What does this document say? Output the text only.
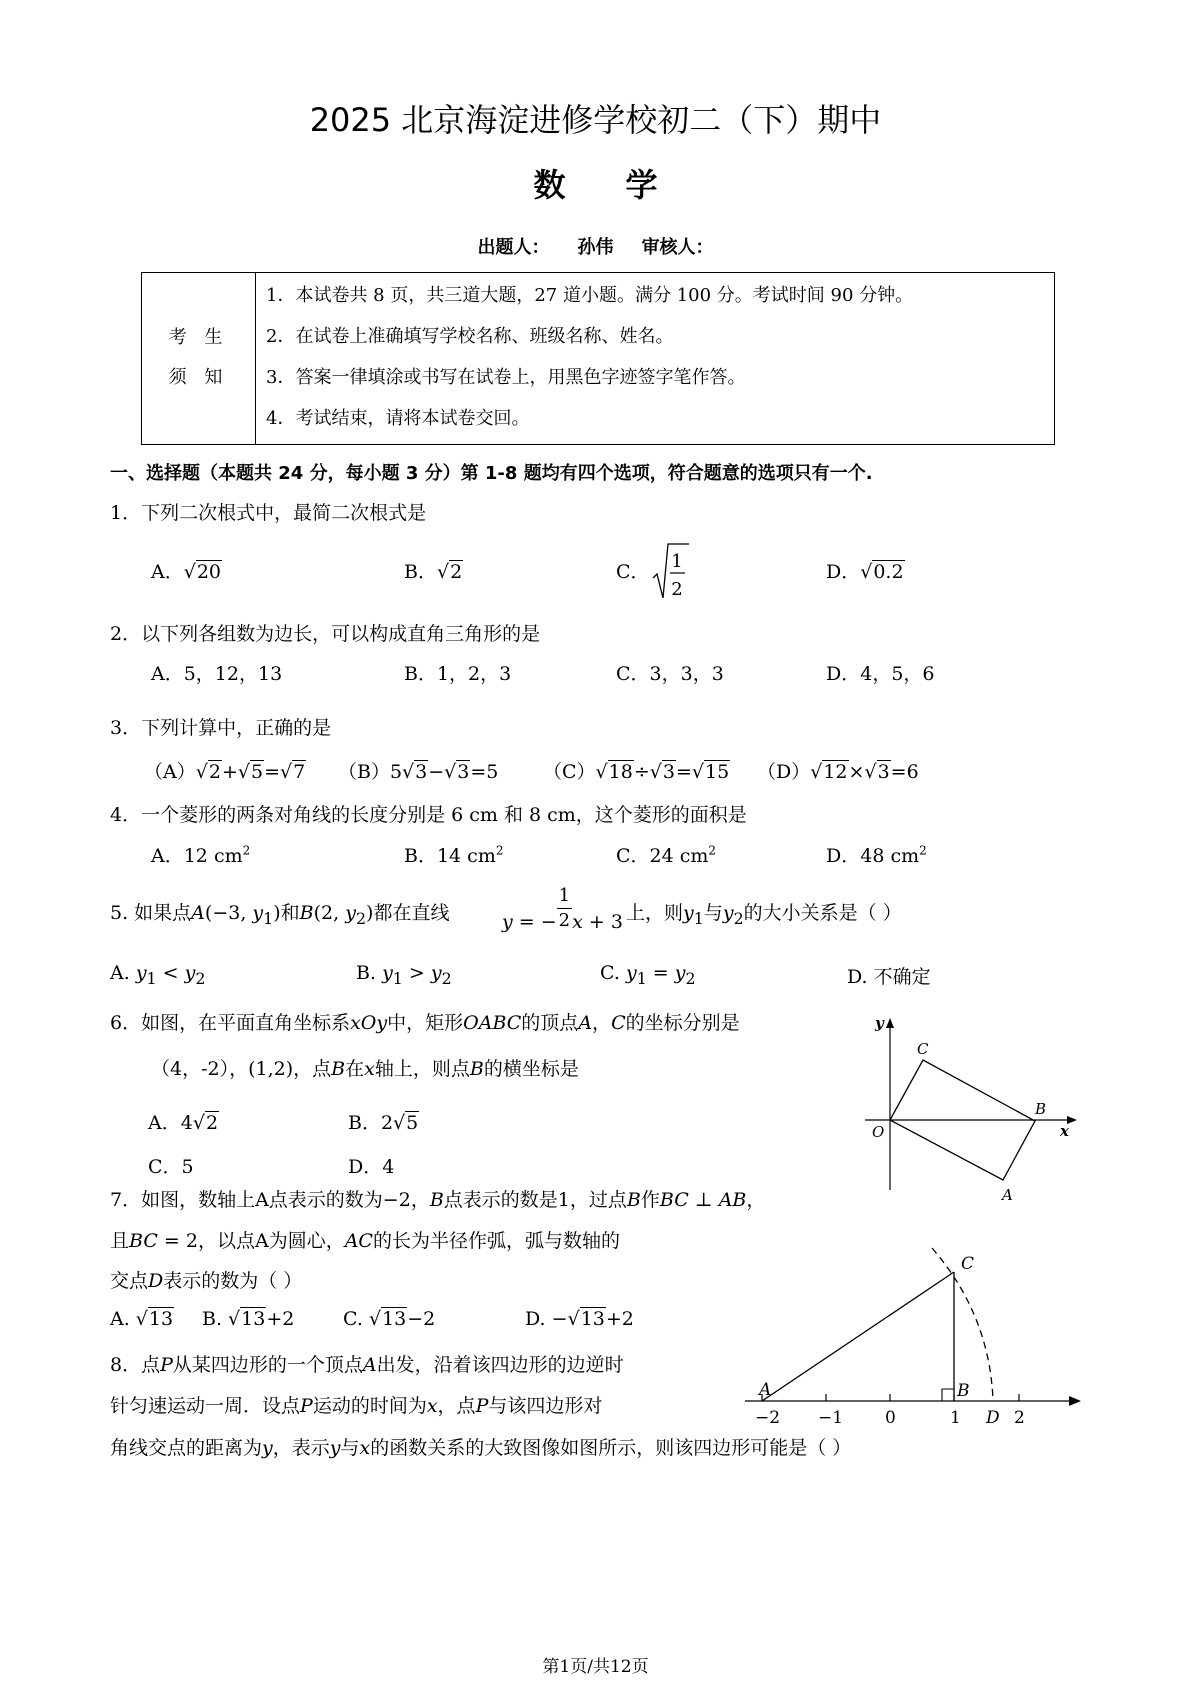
2025 北京海淀进修学校初二（下）期中
数学
出题人： 孙伟 审核人：
考 生
须 知
1．本试卷共 8 页，共三道大题，27 道小题。满分 100 分。考试时间 90 分钟。
2．在试卷上准确填写学校名称、班级名称、姓名。
3．答案一律填涂或书写在试卷上，用黑色字迹签字笔作答。
4．考试结束，请将本试卷交回。
一、选择题（本题共 24 分，每小题 3 分）第 1-8 题均有四个选项，符合题意的选项只有一个.
1．下列二次根式中，最简二次根式是
A．√20	B．√2	C． 1
2
D．√0.2
2．以下列各组数为边长，可以构成直角三角形的是
A．5，12，13	B．1，2，3	C．3，3，3	D．4，5，6
3．下列计算中，正确的是
（A）√2+√5=√7 （B）5√3−√3=5 （C）√18÷√3=√15 （D）√12×√3=6
4．一个菱形的两条对角线的长度分别是 6 cm 和 8 cm，这个菱形的面积是
A．12 $cm^2$	B．14 $cm^2$	C．24 $cm^2$	D．48 $cm^2$
5. 如果点A(−3, $y_1$)和B(2, $y_2$)都在直线	y = − $\frac{1}{2}$ x + 3 上，则$y_1$与$y_2$的大小关系是（ ）
A. $y_1 < y_2$	B. $y_1 > y_2$	C. $y_1 = y_2$	D. 不确定
6．如图，在平面直角坐标系xOy中，矩形OABC的顶点A，C的坐标分别是
（4，-2），(1,2)，点B在x轴上，则点B的横坐标是
A．4√2	B．2√5
C．5	D．4
y
x
O
C
B
A
7．如图，数轴上A点表示的数为−2，B点表示的数是1，过点B作BC ⊥ AB，
且BC = 2，以点A为圆心，AC的长为半径作弧，弧与数轴的
交点D表示的数为（ ）
A. √13 B. √13+2	C. √13−2	D. −√13+2
−2 −1 0	1	2
A	B
C
D
8．点P从某四边形的一个顶点A出发，沿着该四边形的边逆时
针匀速运动一周．设点P运动的时间为x，点P与该四边形对
角线交点的距离为y，表示y与x的函数关系的大致图像如图所示，则该四边形可能是（ ）
第1页/共12页
